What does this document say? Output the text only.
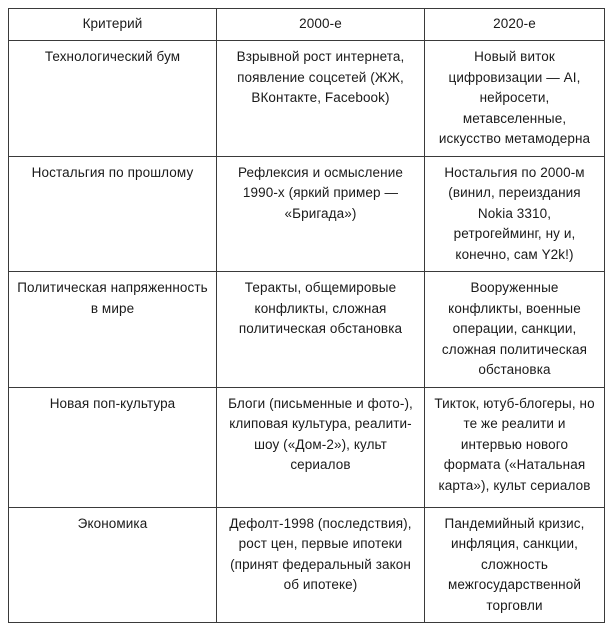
Критерий	2000-е	2020-е
Технологический бум	Взрывной рост интернета, появление соцсетей (ЖЖ, ВКонтакте, Facebook)	Новый виток цифровизации — AI, нейросети, метавселенные, искусство метамодерна
Ностальгия по прошлому	Рефлексия и осмысление 1990-х (яркий пример — «Бригада»)	Ностальгия по 2000-м (винил, переиздания Nokia 3310, ретрогейминг, ну и, конечно, сам Y2k!)
Политическая напряженность в мире	Теракты, общемировые конфликты, сложная политическая обстановка	Вооруженные конфликты, военные операции, санкции, сложная политическая обстановка
Новая поп-культура	Блоги (письменные и фото-), клиповая культура, реалити-шоу («Дом-2»), культ сериалов	Тикток, ютуб-блогеры, но те же реалити и интервью нового формата («Натальная карта»), культ сериалов
Экономика	Дефолт-1998 (последствия), рост цен, первые ипотеки (принят федеральный закон об ипотеке)	Пандемийный кризис, инфляция, санкции, сложность межгосударственной торговли
